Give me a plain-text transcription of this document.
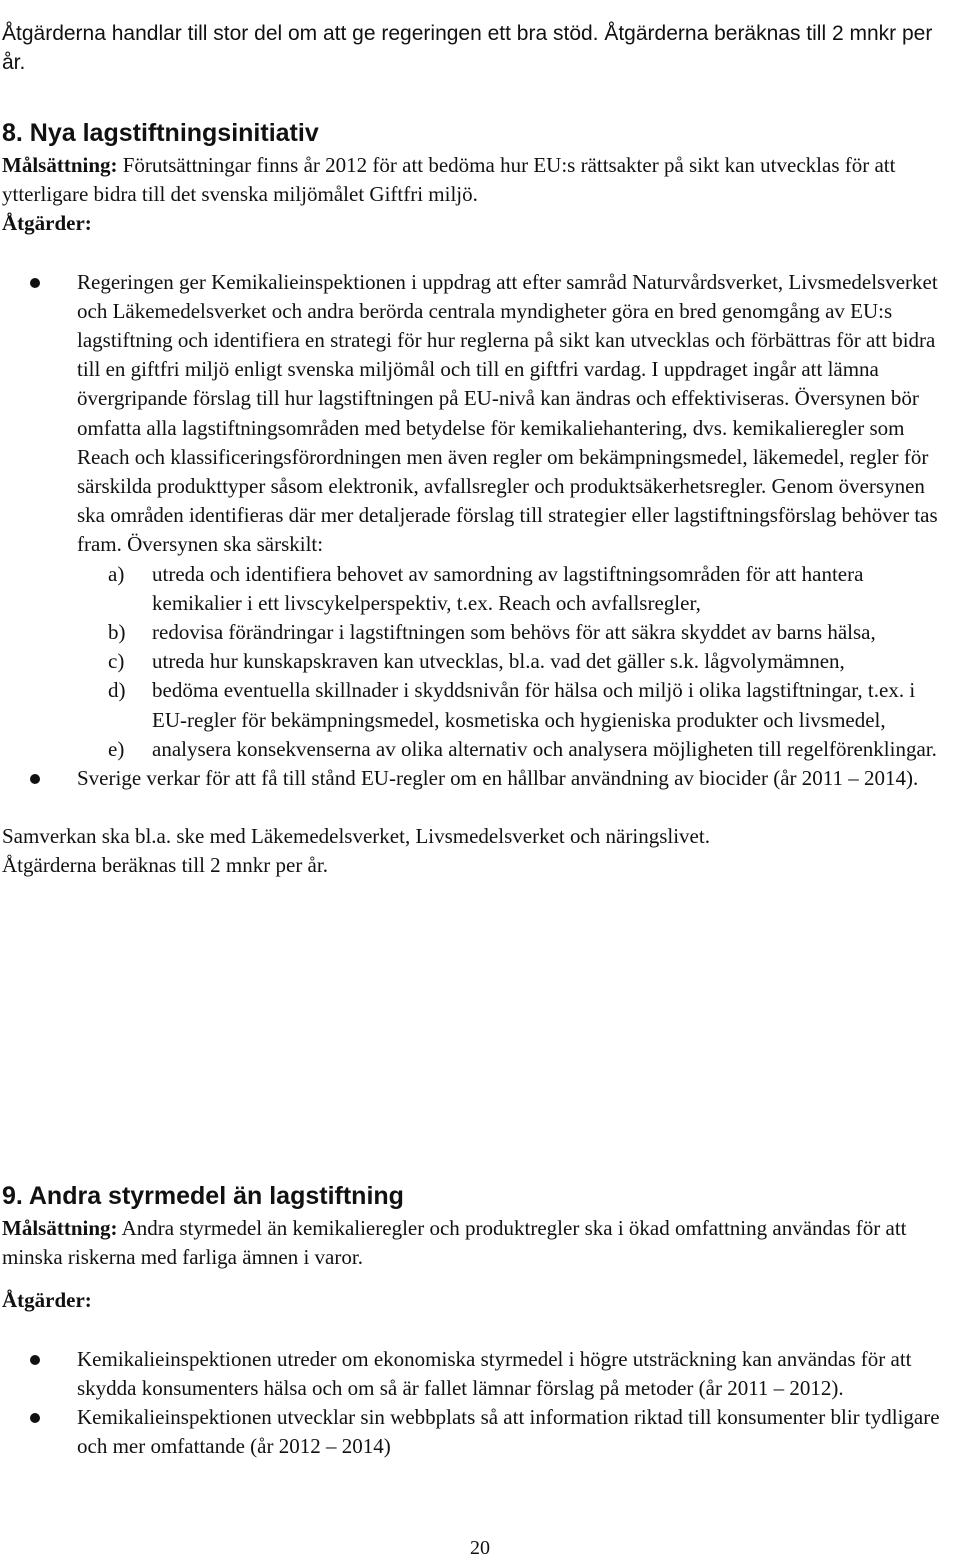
Åtgärderna handlar till stor del om att ge regeringen ett bra stöd. Åtgärderna beräknas till 2 mnkr per år.

8. Nya lagstiftningsinitiativ

Målsättning: Förutsättningar finns år 2012 för att bedöma hur EU:s rättsakter på sikt kan utvecklas för att ytterligare bidra till det svenska miljömålet Giftfri miljö.

Åtgärder:

Regeringen ger Kemikalieinspektionen i uppdrag att efter samråd Naturvårdsverket, Livsmedelsverket och Läkemedelsverket och andra berörda centrala myndigheter göra en bred genomgång av EU:s lagstiftning och identifiera en strategi för hur reglerna på sikt kan utvecklas och förbättras för att bidra till en giftfri miljö enligt svenska miljömål och till en giftfri vardag. I uppdraget ingår att lämna övergripande förslag till hur lagstiftningen på EU-nivå kan ändras och effektiviseras. Översynen bör omfatta alla lagstiftningsområden med betydelse för kemikaliehantering, dvs. kemikalieregler som Reach och klassificeringsförordningen men även regler om bekämpningsmedel, läkemedel, regler för särskilda produkttyper såsom elektronik, avfallsregler och produktsäkerhetsregler. Genom översynen ska områden identifieras där mer detaljerade förslag till strategier eller lagstiftningsförslag behöver tas fram. Översynen ska särskilt:
a) utreda och identifiera behovet av samordning av lagstiftningsområden för att hantera kemikalier i ett livscykelperspektiv, t.ex. Reach och avfallsregler,
b) redovisa förändringar i lagstiftningen som behövs för att säkra skyddet av barns hälsa,
c) utreda hur kunskapskraven kan utvecklas, bl.a. vad det gäller s.k. lågvolymämnen,
d) bedöma eventuella skillnader i skyddsnivån för hälsa och miljö i olika lagstiftningar, t.ex. i EU-regler för bekämpningsmedel, kosmetiska och hygieniska produkter och livsmedel,
e) analysera konsekvenserna av olika alternativ och analysera möjligheten till regelförenklingar.
Sverige verkar för att få till stånd EU-regler om en hållbar användning av biocider (år 2011 – 2014).

Samverkan ska bl.a. ske med Läkemedelsverket, Livsmedelsverket och näringslivet.

Åtgärderna beräknas till 2 mnkr per år.

9. Andra styrmedel än lagstiftning

Målsättning: Andra styrmedel än kemikalieregler och produktregler ska i ökad omfattning användas för att minska riskerna med farliga ämnen i varor.

Åtgärder:

Kemikalieinspektionen utreder om ekonomiska styrmedel i högre utsträckning kan användas för att skydda konsumenters hälsa och om så är fallet lämnar förslag på metoder (år 2011 – 2012).
Kemikalieinspektionen utvecklar sin webbplats så att information riktad till konsumenter blir tydligare och mer omfattande (år 2012 – 2014)
20
